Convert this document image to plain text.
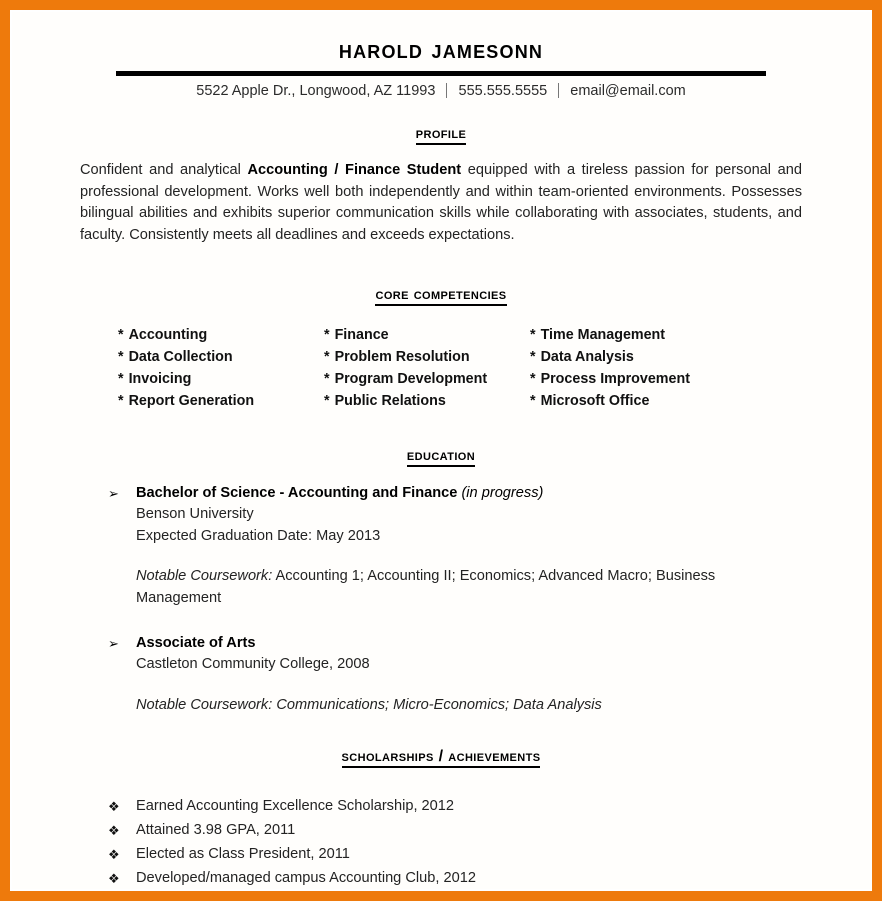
harold jamesonn
5522 Apple Dr., Longwood, AZ 11993 555.555.5555 email@email.com
profile
Confident and analytical Accounting / Finance Student equipped with a tireless passion for personal and professional development. Works well both independently and within team-oriented environments. Possesses bilingual abilities and exhibits superior communication skills while collaborating with associates, students, and faculty. Consistently meets all deadlines and exceeds expectations.
core competencies
* Accounting
* Data Collection
* Invoicing
* Report Generation
* Finance
* Problem Resolution
* Program Development
* Public Relations
* Time Management
* Data Analysis
* Process Improvement
* Microsoft Office
education
➢ Bachelor of Science - Accounting and Finance (in progress)
Benson University
Expected Graduation Date: May 2013
Notable Coursework: Accounting 1; Accounting II; Economics; Advanced Macro; Business Management
➢ Associate of Arts
Castleton Community College, 2008
Notable Coursework: Communications; Micro-Economics; Data Analysis
scholarships / achievements
❖ Earned Accounting Excellence Scholarship, 2012
❖ Attained 3.98 GPA, 2011
❖ Elected as Class President, 2011
❖ Developed/managed campus Accounting Club, 2012
